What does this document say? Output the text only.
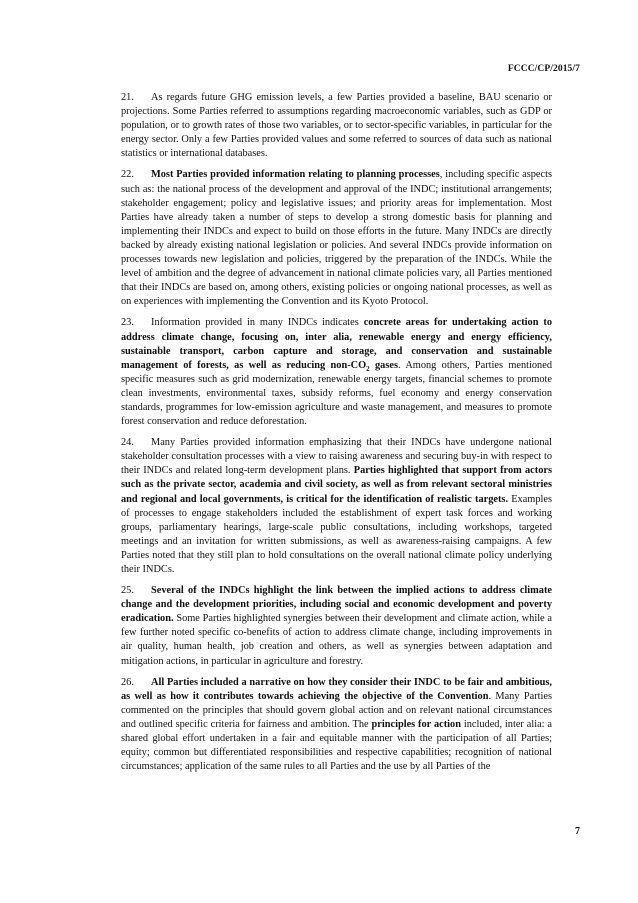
FCCC/CP/2015/7

21. As regards future GHG emission levels, a few Parties provided a baseline, BAU scenario or projections. Some Parties referred to assumptions regarding macroeconomic variables, such as GDP or population, or to growth rates of those two variables, or to sector-specific variables, in particular for the energy sector. Only a few Parties provided values and some referred to sources of data such as national statistics or international databases.

22. Most Parties provided information relating to planning processes, including specific aspects such as: the national process of the development and approval of the INDC; institutional arrangements; stakeholder engagement; policy and legislative issues; and priority areas for implementation. Most Parties have already taken a number of steps to develop a strong domestic basis for planning and implementing their INDCs and expect to build on those efforts in the future. Many INDCs are directly backed by already existing national legislation or policies. And several INDCs provide information on processes towards new legislation and policies, triggered by the preparation of the INDCs. While the level of ambition and the degree of advancement in national climate policies vary, all Parties mentioned that their INDCs are based on, among others, existing policies or ongoing national processes, as well as on experiences with implementing the Convention and its Kyoto Protocol.

23. Information provided in many INDCs indicates concrete areas for undertaking action to address climate change, focusing on, inter alia, renewable energy and energy efficiency, sustainable transport, carbon capture and storage, and conservation and sustainable management of forests, as well as reducing non-$CO_2$ gases. Among others, Parties mentioned specific measures such as grid modernization, renewable energy targets, financial schemes to promote clean investments, environmental taxes, subsidy reforms, fuel economy and energy conservation standards, programmes for low-emission agriculture and waste management, and measures to promote forest conservation and reduce deforestation.

24. Many Parties provided information emphasizing that their INDCs have undergone national stakeholder consultation processes with a view to raising awareness and securing buy-in with respect to their INDCs and related long-term development plans. Parties highlighted that support from actors such as the private sector, academia and civil society, as well as from relevant sectoral ministries and regional and local governments, is critical for the identification of realistic targets. Examples of processes to engage stakeholders included the establishment of expert task forces and working groups, parliamentary hearings, large-scale public consultations, including workshops, targeted meetings and an invitation for written submissions, as well as awareness-raising campaigns. A few Parties noted that they still plan to hold consultations on the overall national climate policy underlying their INDCs.

25. Several of the INDCs highlight the link between the implied actions to address climate change and the development priorities, including social and economic development and poverty eradication. Some Parties highlighted synergies between their development and climate action, while a few further noted specific co-benefits of action to address climate change, including improvements in air quality, human health, job creation and others, as well as synergies between adaptation and mitigation actions, in particular in agriculture and forestry.

26. All Parties included a narrative on how they consider their INDC to be fair and ambitious, as well as how it contributes towards achieving the objective of the Convention. Many Parties commented on the principles that should govern global action and on relevant national circumstances and outlined specific criteria for fairness and ambition. The principles for action included, inter alia: a shared global effort undertaken in a fair and equitable manner with the participation of all Parties; equity; common but differentiated responsibilities and respective capabilities; recognition of national circumstances; application of the same rules to all Parties and the use by all Parties of the

7
